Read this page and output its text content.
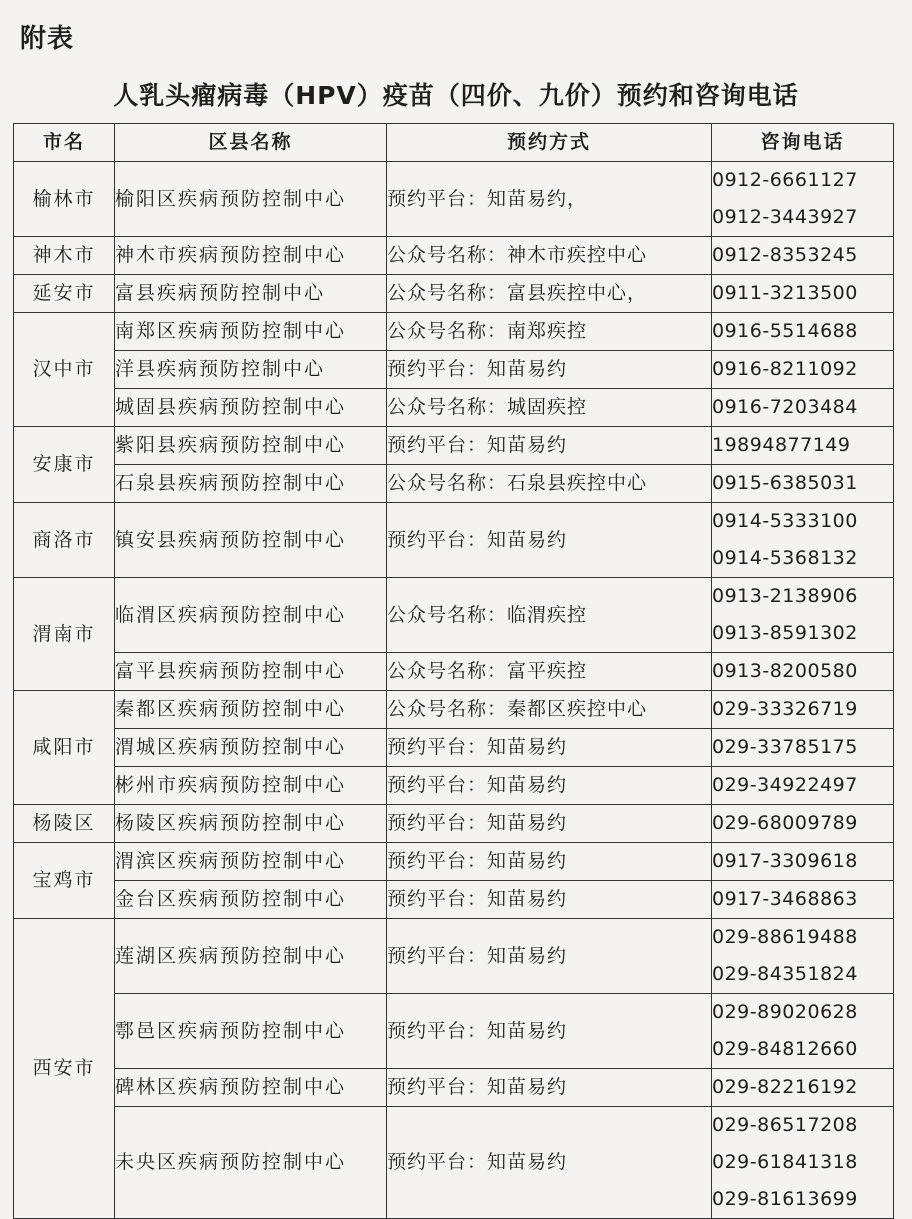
附表
人乳头瘤病毒（HPV）疫苗（四价、九价）预约和咨询电话
市名	区县名称	预约方式	咨询电话
榆林市	榆阳区疾病预防控制中心	预约平台：知苗易约，	0912-6661127
0912-3443927

神木市	神木市疾病预防控制中心	公众号名称：神木市疾控中心	0912-8353245

延安市	富县疾病预防控制中心	公众号名称：富县疾控中心，	0911-3213500

汉中市	南郑区疾病预防控制中心	公众号名称：南郑疾控	0916-5514688

	洋县疾病预防控制中心	预约平台：知苗易约	0916-8211092

	城固县疾病预防控制中心	公众号名称：城固疾控	0916-7203484

安康市	紫阳县疾病预防控制中心	预约平台：知苗易约	19894877149

	石泉县疾病预防控制中心	公众号名称：石泉县疾控中心	0915-6385031

商洛市	镇安县疾病预防控制中心	预约平台：知苗易约	0914-5333100
0914-5368132

渭南市	临渭区疾病预防控制中心	公众号名称：临渭疾控	0913-2138906
0913-8591302

	富平县疾病预防控制中心	公众号名称：富平疾控	0913-8200580

咸阳市	秦都区疾病预防控制中心	公众号名称：秦都区疾控中心	029-33326719

	渭城区疾病预防控制中心	预约平台：知苗易约	029-33785175

	彬州市疾病预防控制中心	预约平台：知苗易约	029-34922497

杨陵区	杨陵区疾病预防控制中心	预约平台：知苗易约	029-68009789

宝鸡市	渭滨区疾病预防控制中心	预约平台：知苗易约	0917-3309618

	金台区疾病预防控制中心	预约平台：知苗易约	0917-3468863

西安市	莲湖区疾病预防控制中心	预约平台：知苗易约	029-88619488
029-84351824

	鄠邑区疾病预防控制中心	预约平台：知苗易约	029-89020628
029-84812660

	碑林区疾病预防控制中心	预约平台：知苗易约	029-82216192

	未央区疾病预防控制中心	预约平台：知苗易约	029-86517208
029-61841318
029-81613699
